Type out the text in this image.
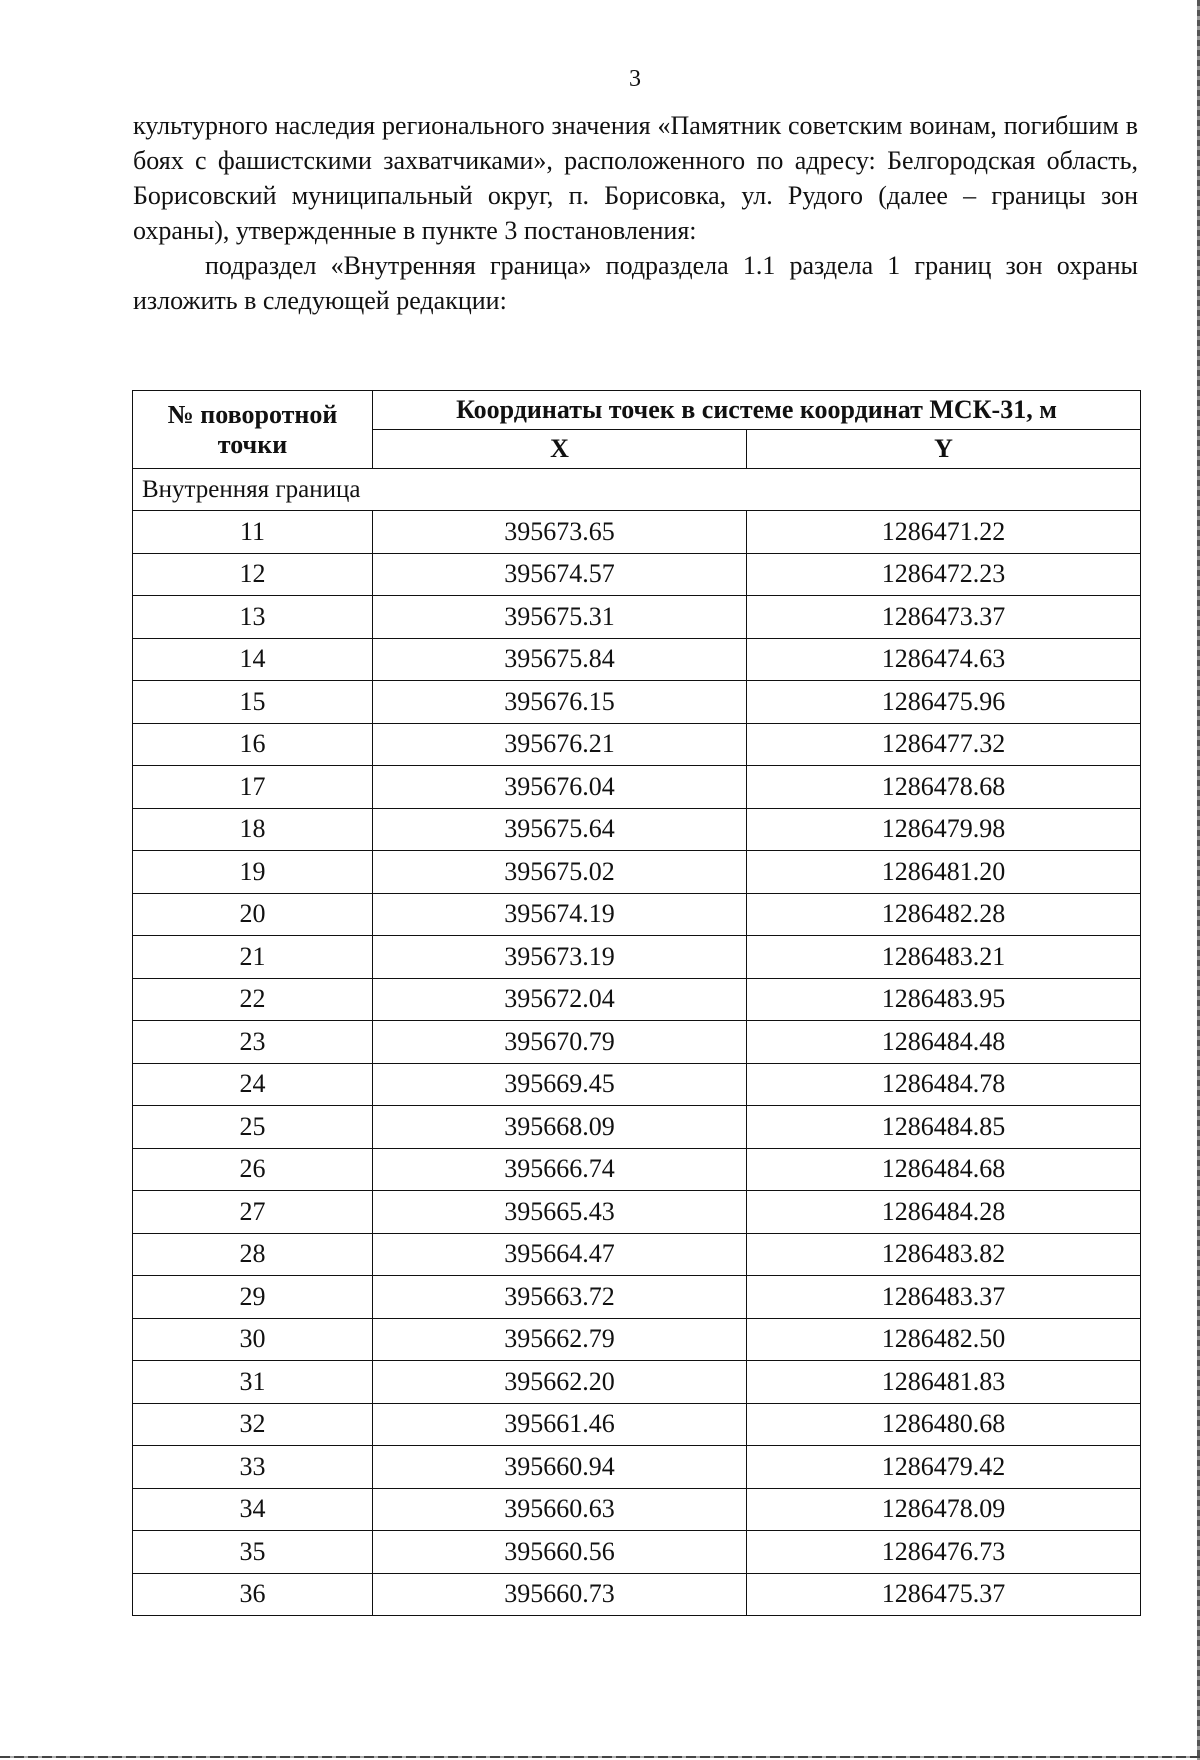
3

культурного наследия регионального значения «Памятник советским воинам, погибшим в боях с фашистскими захватчиками», расположенного по адресу: Белгородская область, Борисовский муниципальный округ, п. Борисовка, ул. Рудого (далее – границы зон охраны), утвержденные в пункте 3 постановления:

подраздел «Внутренняя граница» подраздела 1.1 раздела 1 границ зон охраны изложить в следующей редакции:

№ поворотной точки	Координаты точек в системе координат МСК-31, м	
	X	Y
Внутренняя граница		
11	395673.65	1286471.22
12	395674.57	1286472.23
13	395675.31	1286473.37
14	395675.84	1286474.63
15	395676.15	1286475.96
16	395676.21	1286477.32
17	395676.04	1286478.68
18	395675.64	1286479.98
19	395675.02	1286481.20
20	395674.19	1286482.28
21	395673.19	1286483.21
22	395672.04	1286483.95
23	395670.79	1286484.48
24	395669.45	1286484.78
25	395668.09	1286484.85
26	395666.74	1286484.68
27	395665.43	1286484.28
28	395664.47	1286483.82
29	395663.72	1286483.37
30	395662.79	1286482.50
31	395662.20	1286481.83
32	395661.46	1286480.68
33	395660.94	1286479.42
34	395660.63	1286478.09
35	395660.56	1286476.73
36	395660.73	1286475.37
